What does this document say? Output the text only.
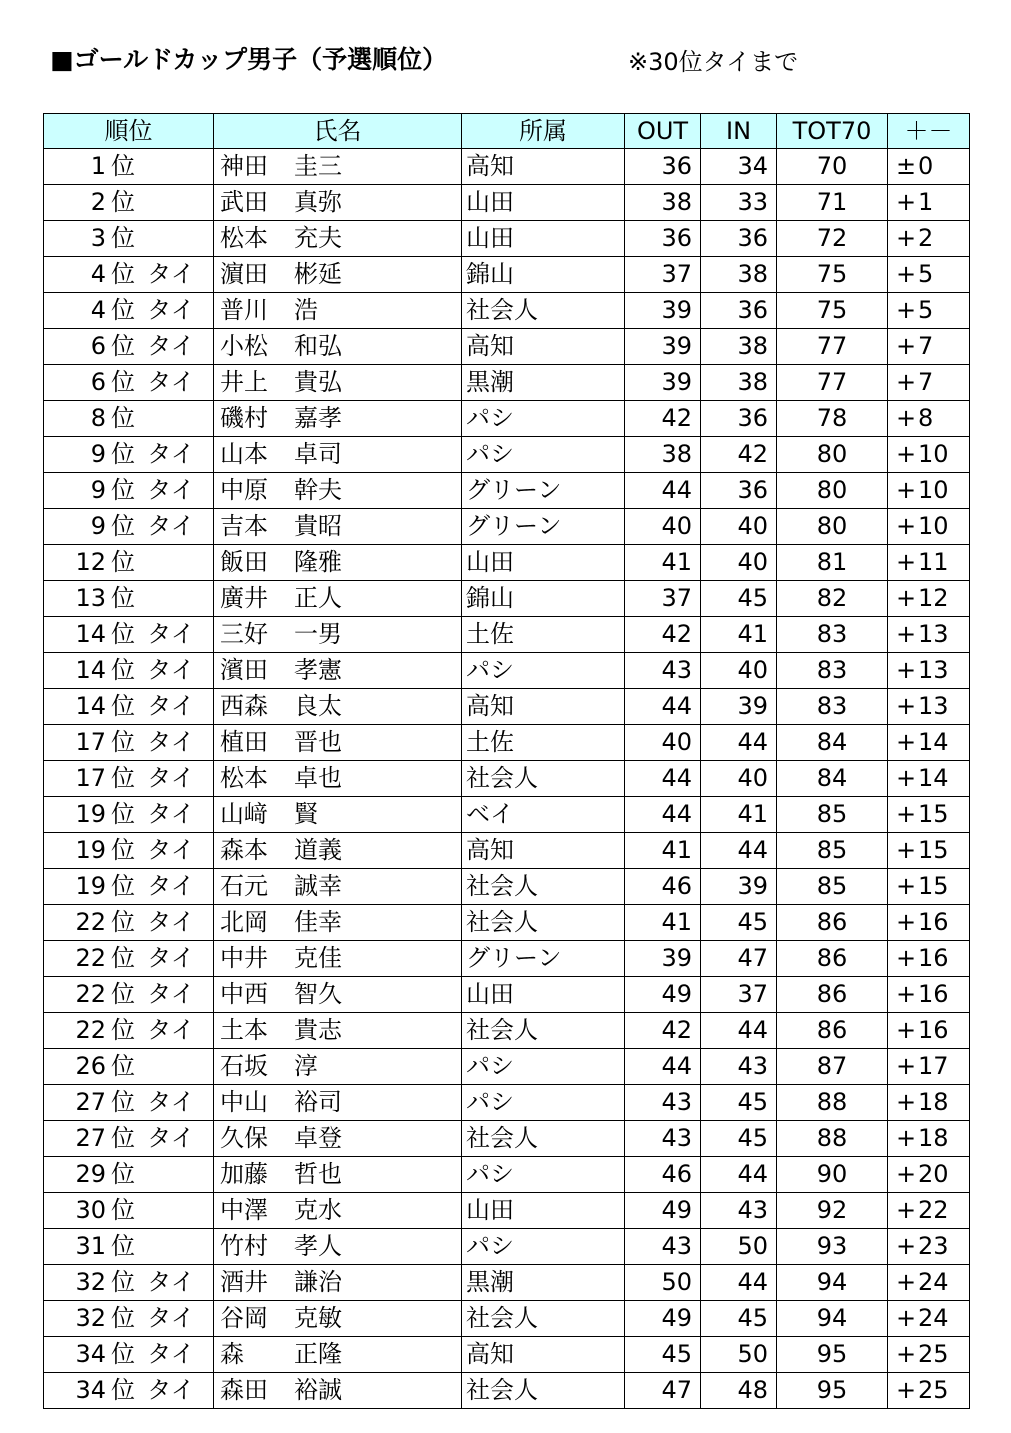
■ゴールドカップ男子（予選順位）	※30位タイまで
順位	氏名	所属	OUT	IN	TOT70	＋－
1 位	神田 圭三	高知	36	34	70	±0
2 位	武田 真弥	山田	38	33	71	+1
3 位	松本 充夫	山田	36	36	72	+2
4 位 タイ	濵田 彬延	錦山	37	38	75	+5
4 位 タイ	普川 浩	社会人	39	36	75	+5
6 位 タイ	小松 和弘	高知	39	38	77	+7
6 位 タイ	井上 貴弘	黒潮	39	38	77	+7
8 位	磯村 嘉孝	パシ	42	36	78	+8
9 位 タイ	山本 卓司	パシ	38	42	80	+10
9 位 タイ	中原 幹夫	グリーン	44	36	80	+10
9 位 タイ	吉本 貴昭	グリーン	40	40	80	+10
12 位	飯田 隆雅	山田	41	40	81	+11
13 位	廣井 正人	錦山	37	45	82	+12
14 位 タイ	三好 一男	土佐	42	41	83	+13
14 位 タイ	濱田 孝憲	パシ	43	40	83	+13
14 位 タイ	西森 良太	高知	44	39	83	+13
17 位 タイ	植田 晋也	土佐	40	44	84	+14
17 位 タイ	松本 卓也	社会人	44	40	84	+14
19 位 タイ	山﨑 賢	ベイ	44	41	85	+15
19 位 タイ	森本 道義	高知	41	44	85	+15
19 位 タイ	石元 誠幸	社会人	46	39	85	+15
22 位 タイ	北岡 佳幸	社会人	41	45	86	+16
22 位 タイ	中井 克佳	グリーン	39	47	86	+16
22 位 タイ	中西 智久	山田	49	37	86	+16
22 位 タイ	土本 貴志	社会人	42	44	86	+16
26 位	石坂 淳	パシ	44	43	87	+17
27 位 タイ	中山 裕司	パシ	43	45	88	+18
27 位 タイ	久保 卓登	社会人	43	45	88	+18
29 位	加藤 哲也	パシ	46	44	90	+20
30 位	中澤 克水	山田	49	43	92	+22
31 位	竹村 孝人	パシ	43	50	93	+23
32 位 タイ	酒井 謙治	黒潮	50	44	94	+24
32 位 タイ	谷岡 克敏	社会人	49	45	94	+24
34 位 タイ	森 正隆	高知	45	50	95	+25
34 位 タイ	森田 裕誠	社会人	47	48	95	+25
